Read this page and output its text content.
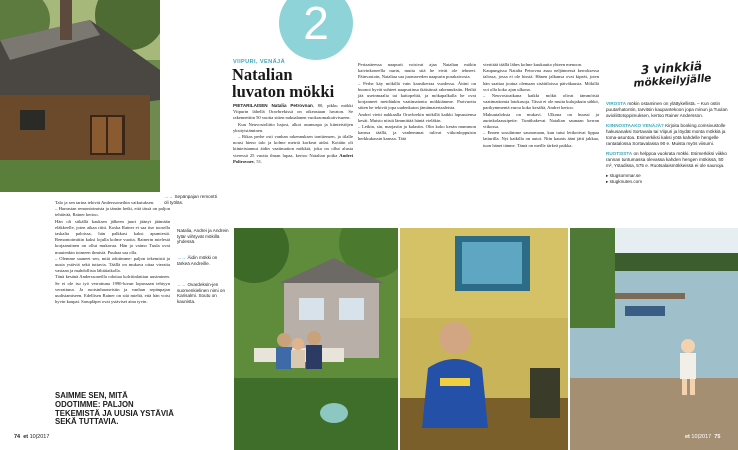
→→ Sepänpajan remontti oli työläs.
Talo ja sen tarina tekivät Anderssoneihin vaikutuksen.
– Harrastan remontoimista ja tämän hetki, että tässä on paljon tehtävää, Rainer kertoo.
Hän oli sitkällä kauksen jälkeen juuri jäänyt jäämään eläkkeelle, joten aikaa riitti. Koska Rainer ei saa itse toosella taskalta paloissa, hän palkkasi kaksi apumiestä. Remontoimittin kaksi lojulla kolme vuotta. Rainerin mielestä korjaamiinen on ollut mukavaa. Hän ja vaimo Tuula ovat muutenkin toimeen ihmisiä. Puuhaa saa olla.
– Olemme saaneet sen, mitä odotimme: paljon tekemistä ja uusia ystäviä sekä tuttavia. Täällä on mukava ottaa vieraita vastaan ja mahdollista lähiäiaikolla.
Tänä kesänä Anderssoneilla odottaa kolrttinlattian uusiminen. Se ei ole iso työ verrattuna 1990-luvun lopussaan tehtyyn verrattuna. Ja ruotsinhuoneisiin ja vanhan sepänpajan uudistamiseen. Edellisen Rainer on sitä mieltä, että hän voisi hyvin kaupat. Sarupläpet ovat ystäviset aina tyvin.
SAIMME SEN, MITÄ ODOTIMME: PALJON TEKEMISTÄ JA UUSIA YSTÄVIÄ SEKÄ TUTTAVIA.
Natalia, Andrei ja Andrein tytär viihtyvät mökillä yhdessä.
→→ Äidin mökki on tärkeä Andreille.
←← Ovardeksin-jen suomenkielinen nimi on Karisalmi. Soutu on kaunista.
74 et 10|2017
2
VIIPURI, VENÄJÄ
Natalian
luvaton mökki
PIETARILAISEN Natalia Petrovnan, 80, pikku mökki Viipurin lähellä Oravbrekissä on oikeastaan luvaton. Se rakennettiin 50 vuotta sitten nakualanen vuokraomakotivisueen.
Kun Neuvostoliitto hajosi, alkoi asumuspa ja kiinteistöjen yksityistäminen.
– Rikas perhe osti vanhan rakennuksen tonttiensen, ja tilalle nousi hieno talo ja kolme metriä korkeat aidat. Kotiäin oli kiinteistannut äidin vaatimatton mökkiä, joka on ollut alusta vieressä 25 vuotta ilman lupaa, kertoo Natalian poika Andrei Polirovnev, 51.
Periaatteessa naapurit voisivat ajaa Natalian mökin kaivinkoneella nurin, mutta sitä he eivät ole tehneet. Päinvastoin, Nataliaa saa juomaveden naapurin porakaivosta.
– Perhe käy mökillä vain kausikertaa vuodessa. Äitini on huonot hyvät suhteet naapuriinsa ikäisiinsä rakennuksiin. Heiltä jää useinmaalia tai kattopeltiä, ja mökapalkalla he ovat korjanneet meidänkin vaatimatonta mökkiämme. Parivuotta sitten he tekivät jopa uudenkaton jämämateriaaleista.
Andrei vietti nakkaalla Oravbrekin mökillä kaikki lapsuutensa kesät. Muisto niistä lämmittää häntä vieläkin.
– Leikin, sin, marjastin ja kalastin. Olin koko kesän mummon kanssa täällä, ja vanhemmat tulivat viikonloppuisin herkkukassin kanssa. Tätä
vierittää täällä lähes kolme kuukautta yhteen menoon.
Kaupungissa Natalia Petrovna asuu neljännessä kerroksessa talossa, jossa ei ole hissiä. Hänen jalkansa ovat kipeät, joten hän saattaa joutua olemaan sisättiloissa päiväkausia. Mökillä voi olla koko ajan ulkona.
– Neuvostoaikana kaikki mökit olivat tämmöisiä vaatimattomia latokasoja. Tässä ei ole muita kulujakuin sähkö, parikymmentä euroa koko kesältä, Andrei kertoo.
Makuutaloksia on mukavi. Ulkona on huussi ja aurinkolaasuipeite. Tuntihakevat Natalian saunaan kerran viikossa.
– Ennen sosulimme saunomaan, kun tutut leitkotivat lippaa latturilla. Nyt kaikilla on autot. Niin kaunis ääni jätti jakkaa, tuon hänet tämne. Tämä on meille tärkeä paikka.
3 vinkkiä
mökkeilyjälle

VIROSTA mökin ostaminen on ylättykellistä. – Kun ostin puutarhatontin, tarvitsin kaupantekoon jopa minun ja Tuulan avioliittotoppimuksen, kertoo Rainer Andersson.

KIINNOSTAAKO VENÄJÄ? Kirjoita booking.comsivustolle hakusanaksi Sortavala tai Viipuri ja löydät monta mökkiä ja toma-asuntoa. Esimerkiksi kaksi yötä kahdelle hengelle rantatalossa Sortavalassa 90 e. Muista myös viisumi.

RUOTSISTA on helppoa vuokrata mökki. Esimerkiksi viikko rannan tuntumassa olevassa kahden hengen mökissä, 50 m², Ystadissa, 575 e. Ruotsalaismökkeissä ei ole saunoja.

▸ stugsommar.se
▸ stugknuten.com
et 10|2017 75
